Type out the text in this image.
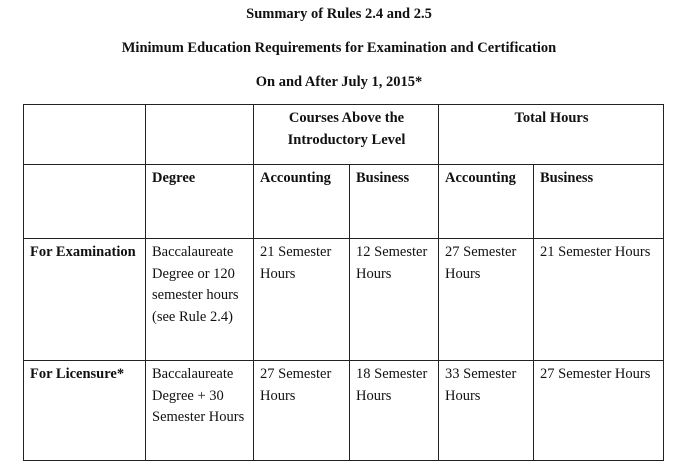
Summary of Rules 2.4 and 2.5
Minimum Education Requirements for Examination and Certification
On and After July 1, 2015*
		Courses Above the Introductory Level		Total Hours	
	Degree	Accounting	Business	Accounting	Business
For Examination	Baccalaureate Degree or 120 semester hours (see Rule 2.4)	21 Semester Hours	12 Semester Hours	27 Semester Hours	21 Semester Hours
For Licensure*	Baccalaureate Degree + 30 Semester Hours	27 Semester Hours	18 Semester Hours	33 Semester Hours	27 Semester Hours
